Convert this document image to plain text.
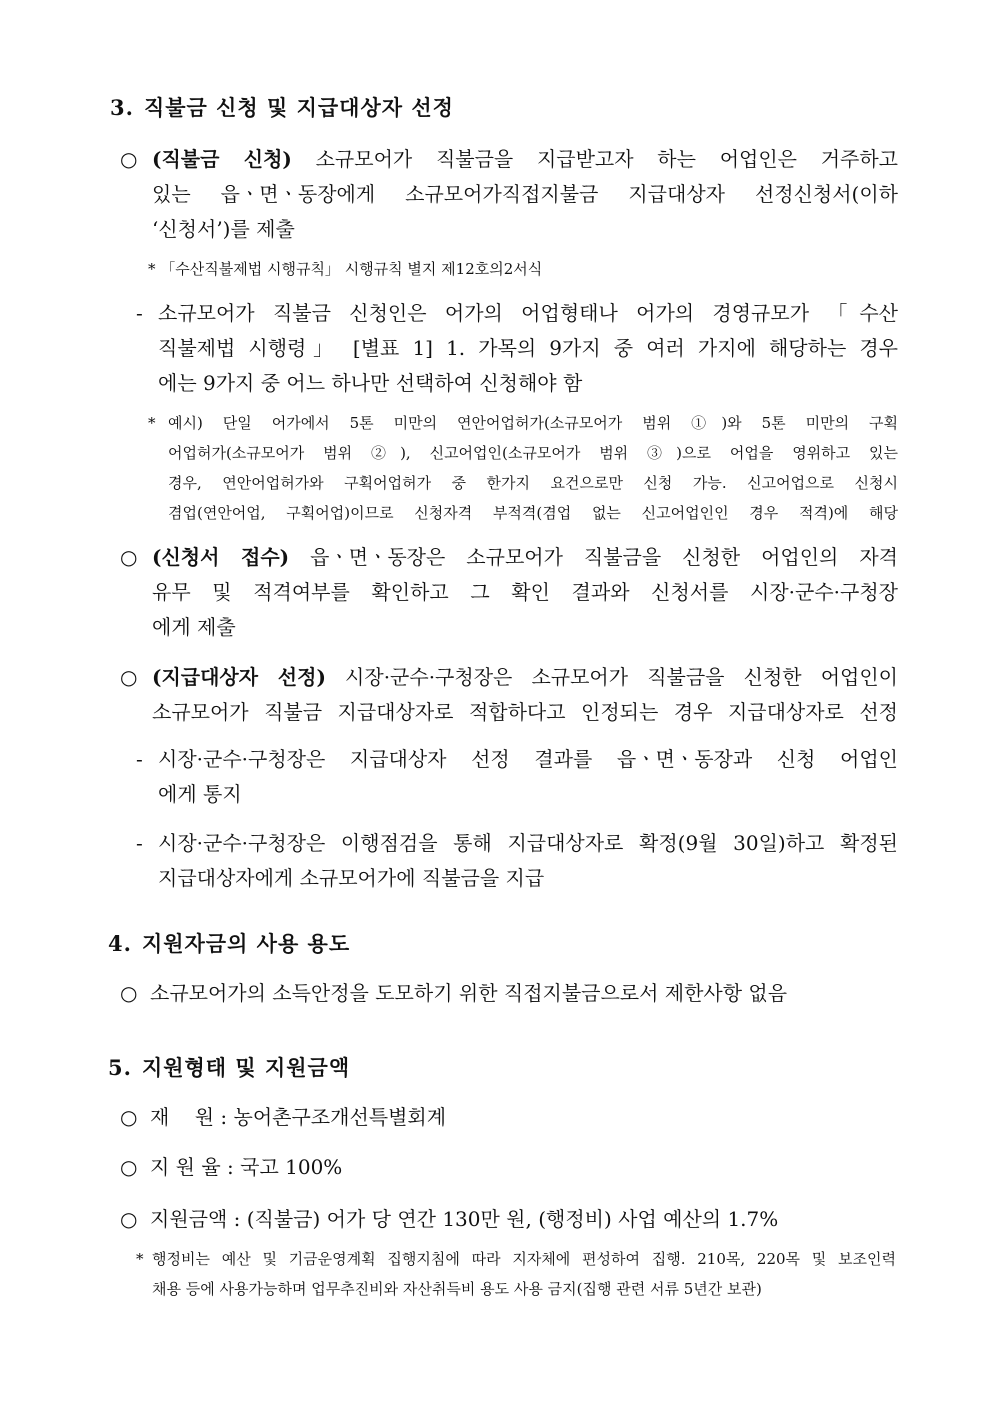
3. 직불금 신청 및 지급대상자 선정
○ (직불금 신청) 소규모어가 직불금을 지급받고자 하는 어업인은 거주하고
있는 읍ㆍ면ㆍ동장에게 소규모어가직접지불금 지급대상자 선정신청서(이하
‘신청서’)를 제출
* 「수산직불제법 시행규칙」 시행규칙 별지 제12호의2서식
- 소규모어가 직불금 신청인은 어가의 어업형태나 어가의 경영규모가 「수산
직불제법 시행령」 [별표 1] 1. 가목의 9가지 중 여러 가지에 해당하는 경우
에는 9가지 중 어느 하나만 선택하여 신청해야 함
* 예시) 단일 어가에서 5톤 미만의 연안어업허가(소규모어가 범위 ①)와 5톤 미만의 구획
어업허가(소규모어가 범위 ②), 신고어업인(소규모어가 범위 ③)으로 어업을 영위하고 있는
경우, 연안어업허가와 구획어업허가 중 한가지 요건으로만 신청 가능. 신고어업으로 신청시
겸업(연안어업, 구획어업)이므로 신청자격 부적격(겸업 없는 신고어업인인 경우 적격)에 해당
○ (신청서 접수) 읍ㆍ면ㆍ동장은 소규모어가 직불금을 신청한 어업인의 자격
유무 및 적격여부를 확인하고 그 확인 결과와 신청서를 시장·군수·구청장
에게 제출
○ (지급대상자 선정) 시장·군수·구청장은 소규모어가 직불금을 신청한 어업인이
소규모어가 직불금 지급대상자로 적합하다고 인정되는 경우 지급대상자로 선정
- 시장·군수·구청장은 지급대상자 선정 결과를 읍ㆍ면ㆍ동장과 신청 어업인
에게 통지
- 시장·군수·구청장은 이행점검을 통해 지급대상자로 확정(9월 30일)하고 확정된
지급대상자에게 소규모어가에 직불금을 지급
4. 지원자금의 사용 용도
○ 소규모어가의 소득안정을 도모하기 위한 직접지불금으로서 제한사항 없음
5. 지원형태 및 지원금액
○ 재    원 : 농어촌구조개선특별회계
○ 지 원 율 : 국고 100%
○ 지원금액 : (직불금) 어가 당 연간 130만 원, (행정비) 사업 예산의 1.7%
* 행정비는 예산 및 기금운영계획 집행지침에 따라 지자체에 편성하여 집행. 210목, 220목 및 보조인력
채용 등에 사용가능하며 업무추진비와 자산취득비 용도 사용 금지(집행 관련 서류 5년간 보관)
